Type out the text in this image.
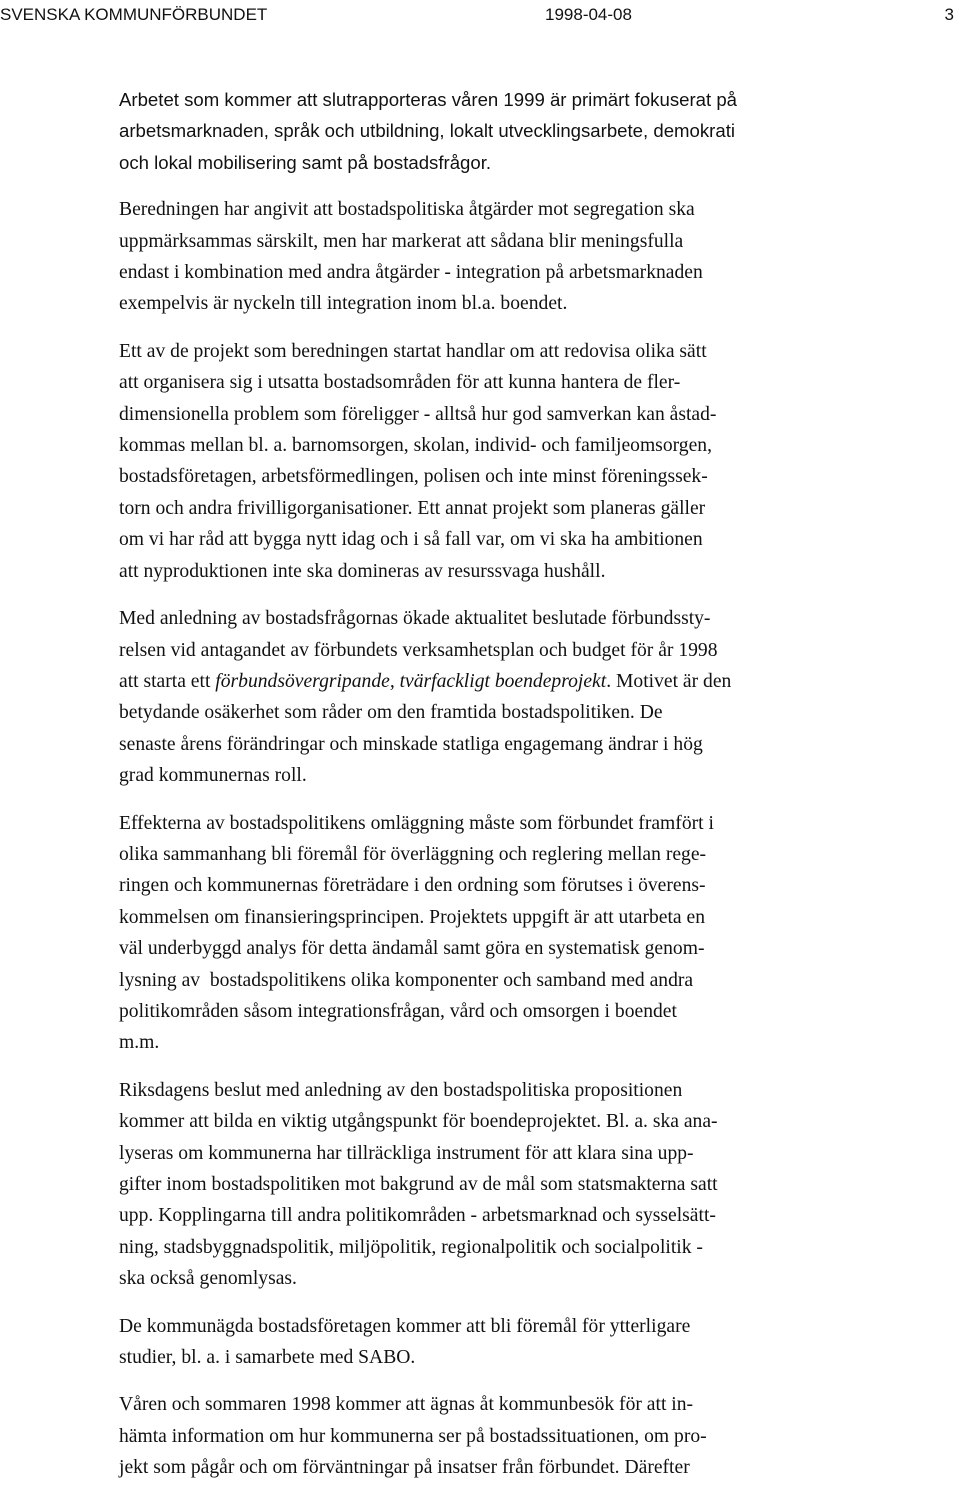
SVENSKA KOMMUNFÖRBUNDET	1998-04-08	3

Arbetet som kommer att slutrapporteras våren 1999 är primärt fokuserat på
arbetsmarknaden, språk och utbildning, lokalt utvecklingsarbete, demokrati
och lokal mobilisering samt på bostadsfrågor.

Beredningen har angivit att bostadspolitiska åtgärder mot segregation ska
uppmärksammas särskilt, men har markerat att sådana blir meningsfulla
endast i kombination med andra åtgärder - integration på arbetsmarknaden
exempelvis är nyckeln till integration inom bl.a. boendet.

Ett av de projekt som beredningen startat handlar om att redovisa olika sätt
att organisera sig i utsatta bostadsområden för att kunna hantera de fler-
dimensionella problem som föreligger - alltså hur god samverkan kan åstad-
kommas mellan bl. a. barnomsorgen, skolan, individ- och familjeomsorgen,
bostadsföretagen, arbetsförmedlingen, polisen och inte minst föreningssek-
torn och andra frivilligorganisationer. Ett annat projekt som planeras gäller
om vi har råd att bygga nytt idag och i så fall var, om vi ska ha ambitionen
att nyproduktionen inte ska domineras av resurssvaga hushåll.

Med anledning av bostadsfrågornas ökade aktualitet beslutade förbundssty-
relsen vid antagandet av förbundets verksamhetsplan och budget för år 1998
att starta ett förbundsövergripande, tvärfackligt boendeprojekt. Motivet är den
betydande osäkerhet som råder om den framtida bostadspolitiken. De
senaste årens förändringar och minskade statliga engagemang ändrar i hög
grad kommunernas roll.

Effekterna av bostadspolitikens omläggning måste som förbundet framfört i
olika sammanhang bli föremål för överläggning och reglering mellan rege-
ringen och kommunernas företrädare i den ordning som förutses i överens-
kommelsen om finansieringsprincipen. Projektets uppgift är att utarbeta en
väl underbyggd analys för detta ändamål samt göra en systematisk genom-
lysning av  bostadspolitikens olika komponenter och samband med andra
politikområden såsom integrationsfrågan, vård och omsorgen i boendet
m.m.

Riksdagens beslut med anledning av den bostadspolitiska propositionen
kommer att bilda en viktig utgångspunkt för boendeprojektet. Bl. a. ska ana-
lyseras om kommunerna har tillräckliga instrument för att klara sina upp-
gifter inom bostadspolitiken mot bakgrund av de mål som statsmakterna satt
upp. Kopplingarna till andra politikområden - arbetsmarknad och sysselsätt-
ning, stadsbyggnadspolitik, miljöpolitik, regionalpolitik och socialpolitik -
ska också genomlysas.

De kommunägda bostadsföretagen kommer att bli föremål för ytterligare
studier, bl. a. i samarbete med SABO.

Våren och sommaren 1998 kommer att ägnas åt kommunbesök för att in-
hämta information om hur kommunerna ser på bostadssituationen, om pro-
jekt som pågår och om förväntningar på insatser från förbundet. Därefter
